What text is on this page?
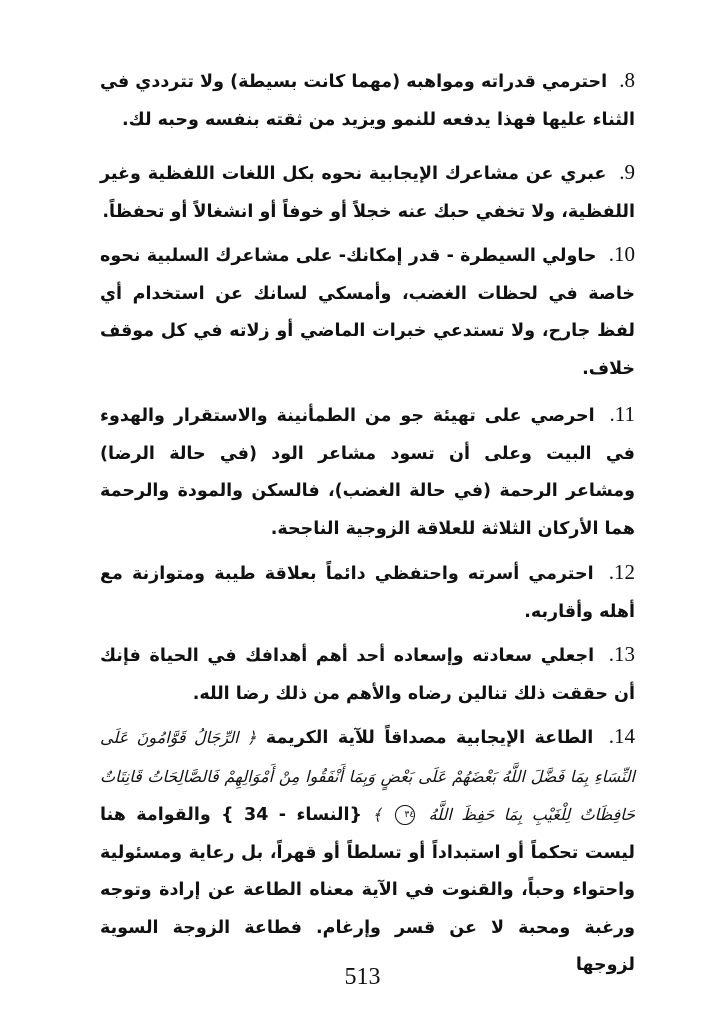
8. احترمي قدراته ومواهبه (مهما كانت بسيطة) ولا تترددي في الثناء عليها فهذا يدفعه للنمو ويزيد من ثقته بنفسه وحبه لك.
9. عبري عن مشاعرك الإيجابية نحوه بكل اللغات اللفظية وغير اللفظية، ولا تخفي حبك عنه خجلاً أو خوفاً أو انشغالاً أو تحفظاً.
10. حاولي السيطرة - قدر إمكانك- على مشاعرك السلبية نحوه خاصة في لحظات الغضب، وأمسكي لسانك عن استخدام أي لفظ جارح، ولا تستدعي خبرات الماضي أو زلاته في كل موقف خلاف.
11. احرصي على تهيئة جو من الطمأنينة والاستقرار والهدوء في البيت وعلى أن تسود مشاعر الود (في حالة الرضا) ومشاعر الرحمة (في حالة الغضب)، فالسكن والمودة والرحمة هما الأركان الثلاثة للعلاقة الزوجية الناجحة.
12. احترمي أسرته واحتفظي دائماً بعلاقة طيبة ومتوازنة مع أهله وأقاربه.
13. اجعلي سعادته وإسعاده أحد أهم أهدافك في الحياة فإنك أن حققت ذلك تنالين رضاه والأهم من ذلك رضا الله.
14. الطاعة الإيجابية مصداقاً للآية الكريمة ﴿ الرِّجَالُ قَوَّامُونَ عَلَى النِّسَاءِ بِمَا فَضَّلَ اللَّهُ بَعْضَهُمْ عَلَى بَعْضٍ وَبِمَا أَنْفَقُوا مِنْ أَمْوَالِهِمْ فَالصَّالِحَاتُ قَانِتَاتٌ حَافِظَاتٌ لِلْغَيْبِ بِمَا حَفِظَ اللَّهُ ٣٤ ﴾ {النساء - 34 } والقوامة هنا ليست تحكماً أو استبداداً أو تسلطاً أو قهراً، بل رعاية ومسئولية واحتواء وحباً، والقنوت في الآية معناه الطاعة عن إرادة وتوجه ورغبة ومحبة لا عن قسر وإرغام. فطاعة الزوجة السوية لزوجها
513
